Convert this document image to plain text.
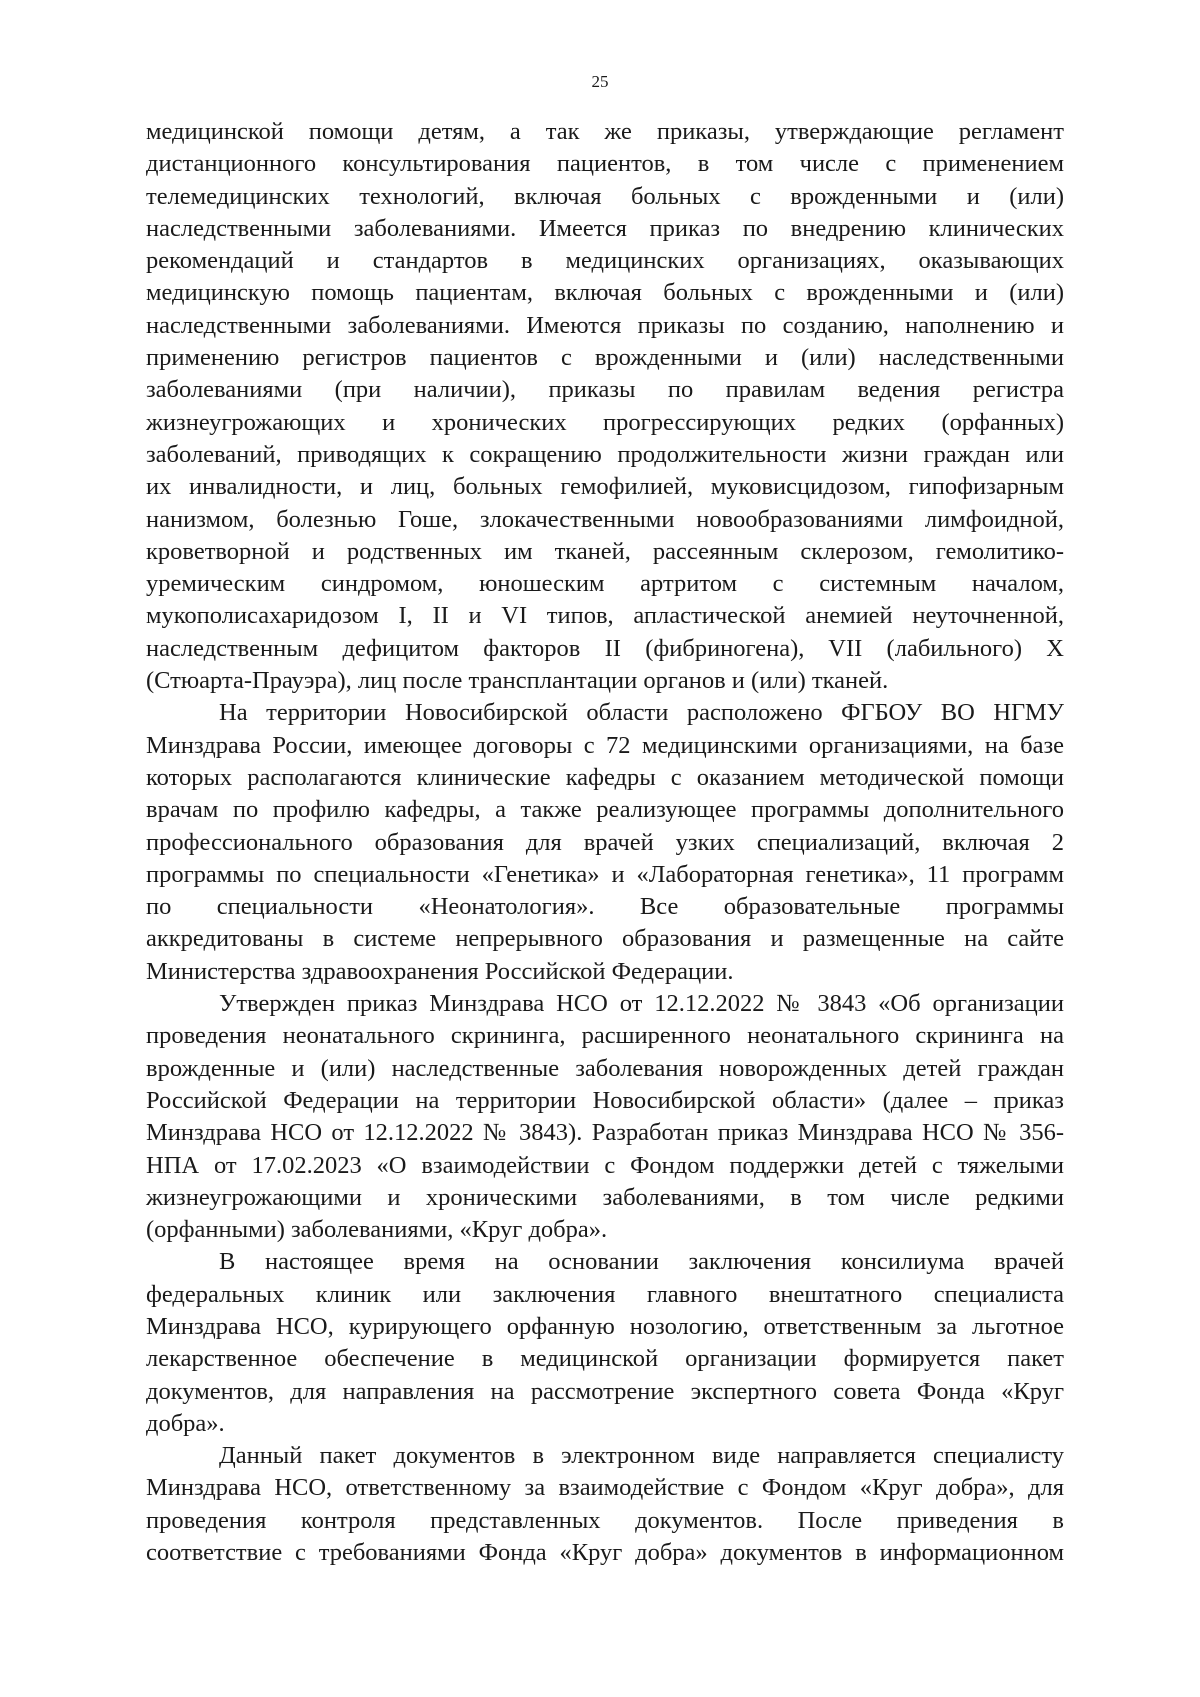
25
медицинской помощи детям, а так же приказы, утверждающие регламент
дистанционного консультирования пациентов, в том числе с применением
телемедицинских технологий, включая больных с врожденными и (или)
наследственными заболеваниями. Имеется приказ по внедрению клинических
рекомендаций и стандартов в медицинских организациях, оказывающих
медицинскую помощь пациентам, включая больных с врожденными и (или)
наследственными заболеваниями. Имеются приказы по созданию, наполнению и
применению регистров пациентов с врожденными и (или) наследственными
заболеваниями (при наличии), приказы по правилам ведения регистра
жизнеугрожающих и хронических прогрессирующих редких (орфанных)
заболеваний, приводящих к сокращению продолжительности жизни граждан или
их инвалидности, и лиц, больных гемофилией, муковисцидозом, гипофизарным
нанизмом, болезнью Гоше, злокачественными новообразованиями лимфоидной,
кроветворной и родственных им тканей, рассеянным склерозом, гемолитико-
уремическим синдромом, юношеским артритом с системным началом,
мукополисахаридозом I, II и VI типов, апластической анемией неуточненной,
наследственным дефицитом факторов II (фибриногена), VII (лабильного) X
(Стюарта-Прауэра), лиц после трансплантации органов и (или) тканей.
На территории Новосибирской области расположено ФГБОУ ВО НГМУ
Минздрава России, имеющее договоры с 72 медицинскими организациями, на базе
которых располагаются клинические кафедры с оказанием методической помощи
врачам по профилю кафедры, а также реализующее программы дополнительного
профессионального образования для врачей узких специализаций, включая 2
программы по специальности «Генетика» и «Лабораторная генетика», 11 программ
по специальности «Неонатология». Все образовательные программы
аккредитованы в системе непрерывного образования и размещенные на сайте
Министерства здравоохранения Российской Федерации.
Утвержден приказ Минздрава НСО от 12.12.2022 № 3843 «Об организации
проведения неонатального скрининга, расширенного неонатального скрининга на
врожденные и (или) наследственные заболевания новорожденных детей граждан
Российской Федерации на территории Новосибирской области» (далее – приказ
Минздрава НСО от 12.12.2022 № 3843). Разработан приказ Минздрава НСО № 356-
НПА от 17.02.2023 «О взаимодействии с Фондом поддержки детей с тяжелыми
жизнеугрожающими и хроническими заболеваниями, в том числе редкими
(орфанными) заболеваниями, «Круг добра».
В настоящее время на основании заключения консилиума врачей
федеральных клиник или заключения главного внештатного специалиста
Минздрава НСО, курирующего орфанную нозологию, ответственным за льготное
лекарственное обеспечение в медицинской организации формируется пакет
документов, для направления на рассмотрение экспертного совета Фонда «Круг
добра».
Данный пакет документов в электронном виде направляется специалисту
Минздрава НСО, ответственному за взаимодействие с Фондом «Круг добра», для
проведения контроля представленных документов. После приведения в
соответствие с требованиями Фонда «Круг добра» документов в информационном
